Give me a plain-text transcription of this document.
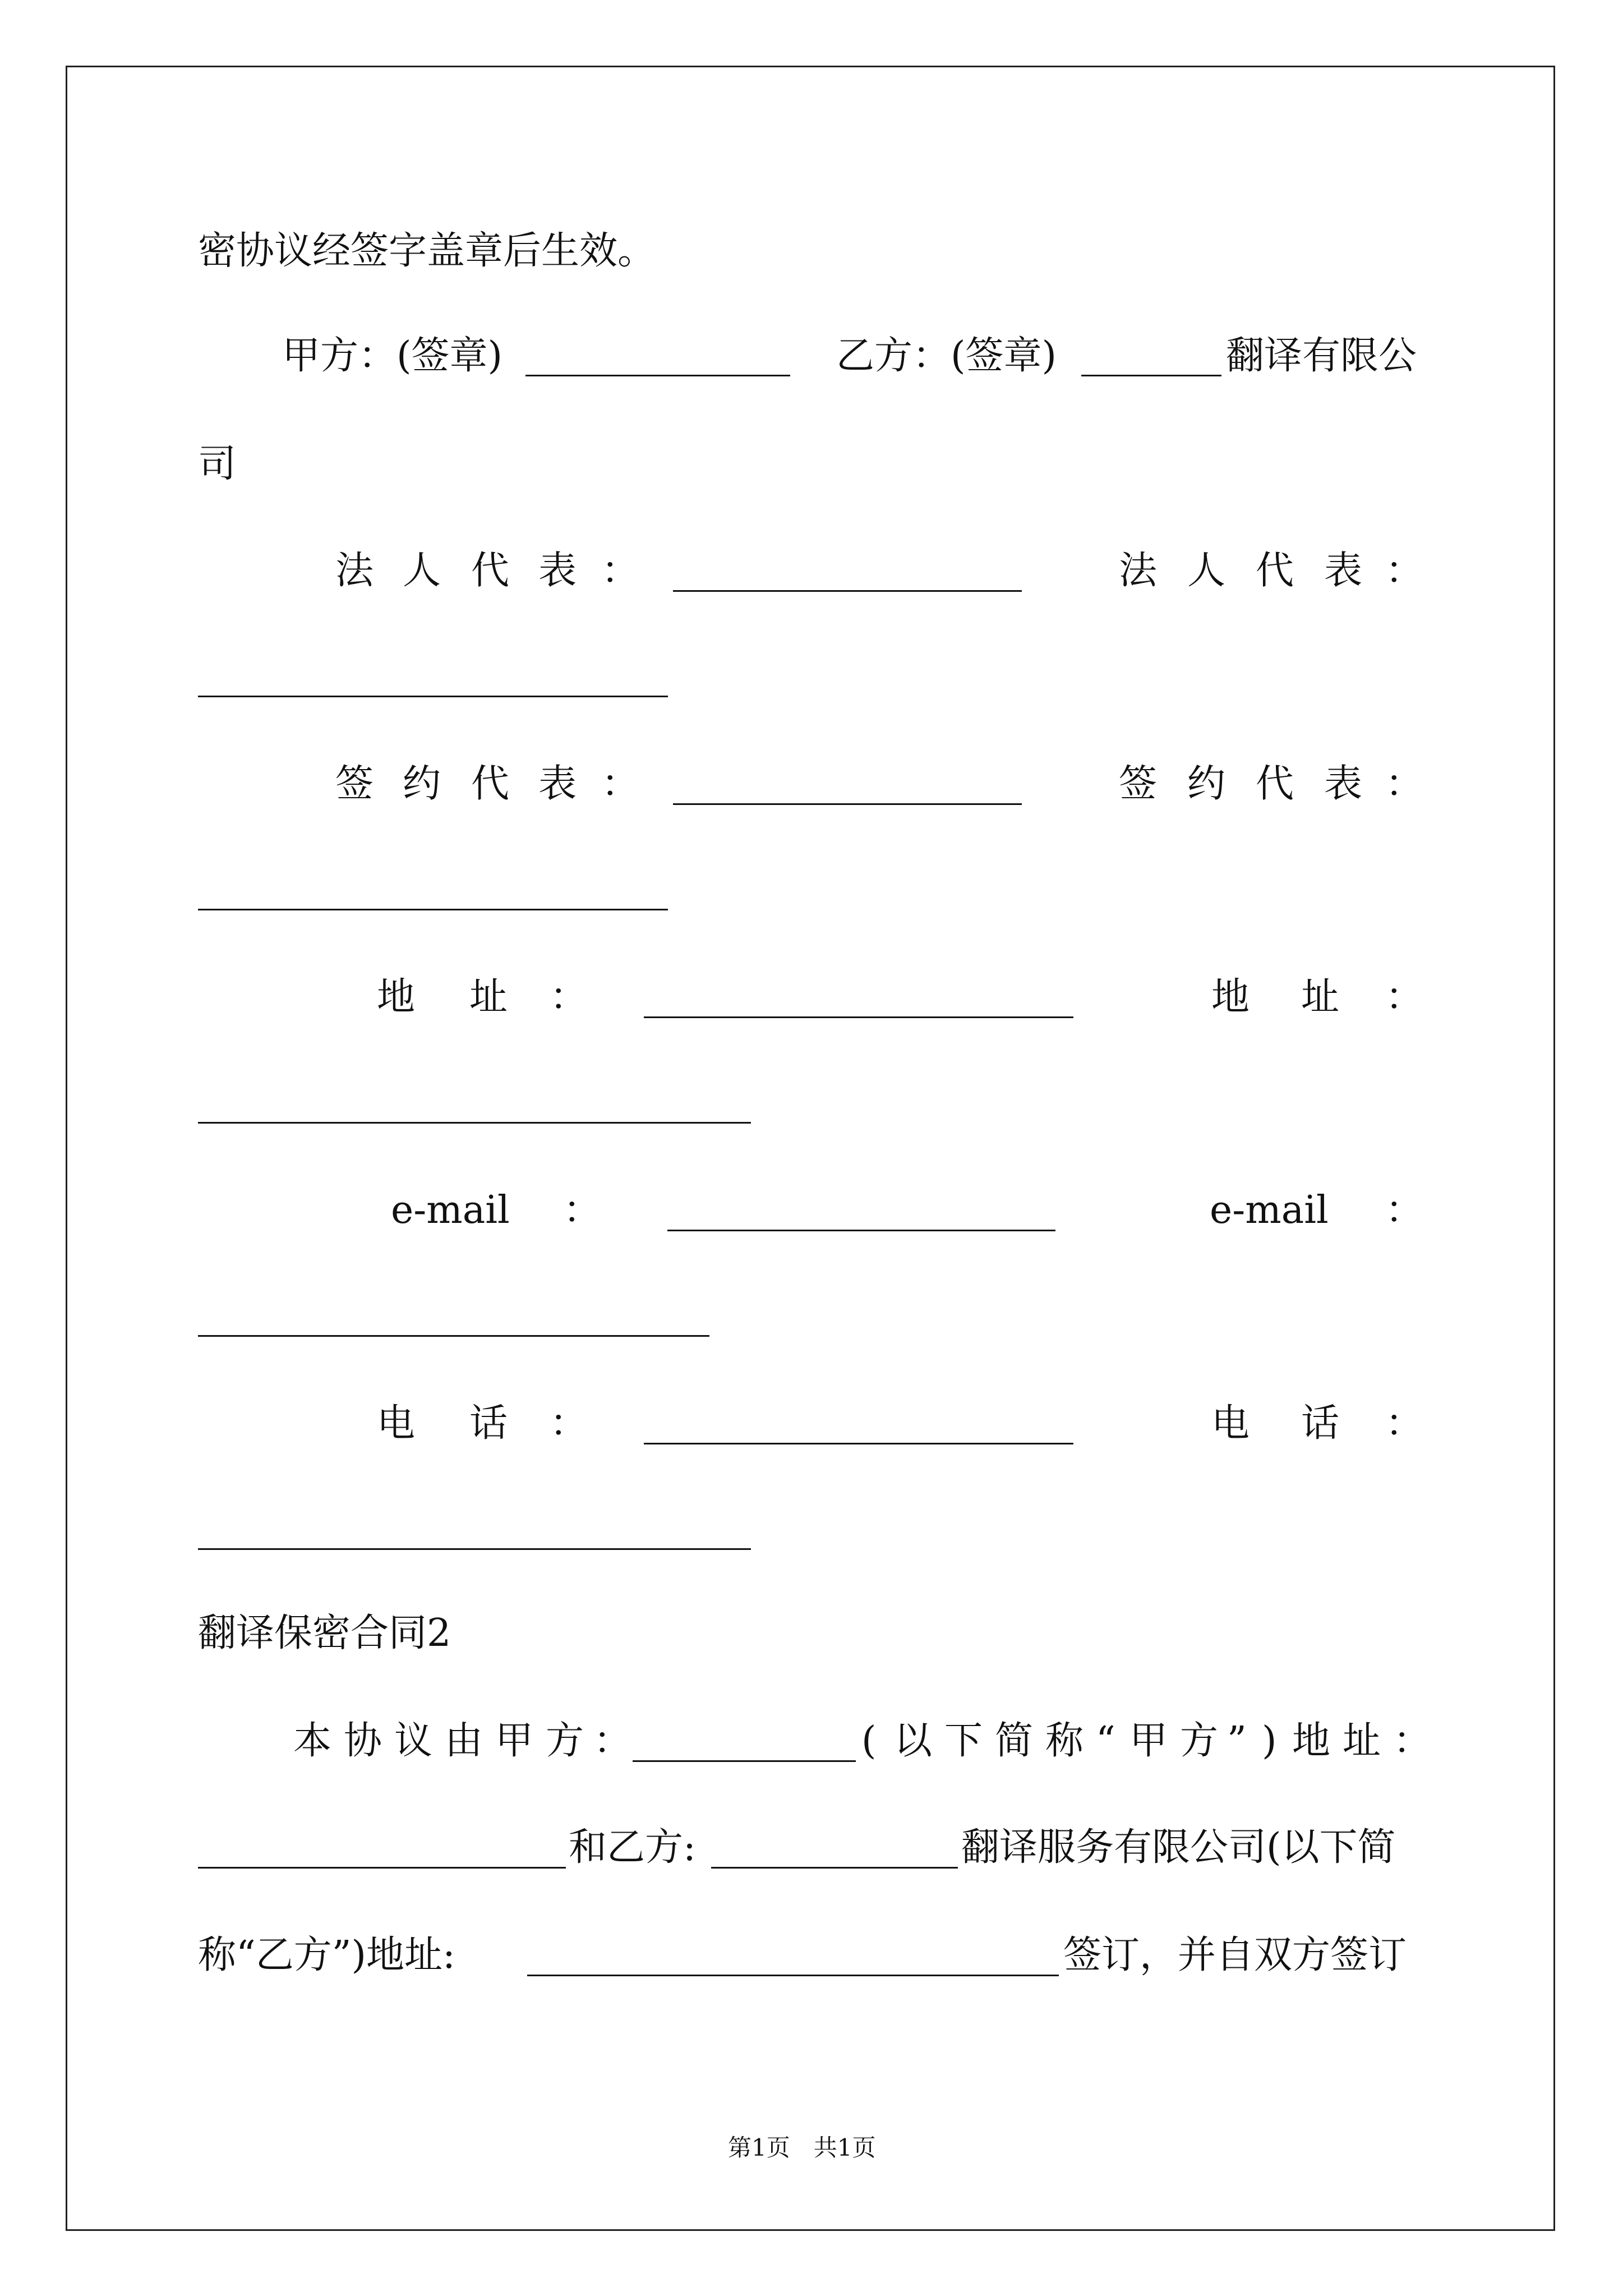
密协议经签字盖章后生效。
甲方：(签章)	乙方：(签章)	翻译有限公
司
法 人 代 表 ：	法 人 代 表 ：
签 约 代 表 ：	签 约 代 表 ：
地 址 ：	地 址 ：
e-mail ：	e-mail ：
电 话 ：	电 话 ：
翻译保密合同2
本 协 议 由 甲 方 ：	( 以 下 简 称 “ 甲 方 ” ) 地 址 ：
和乙方:	翻译服务有限公司(以下简
称“乙方”)地址:	签订，并自双方签订
第1页　共1页
